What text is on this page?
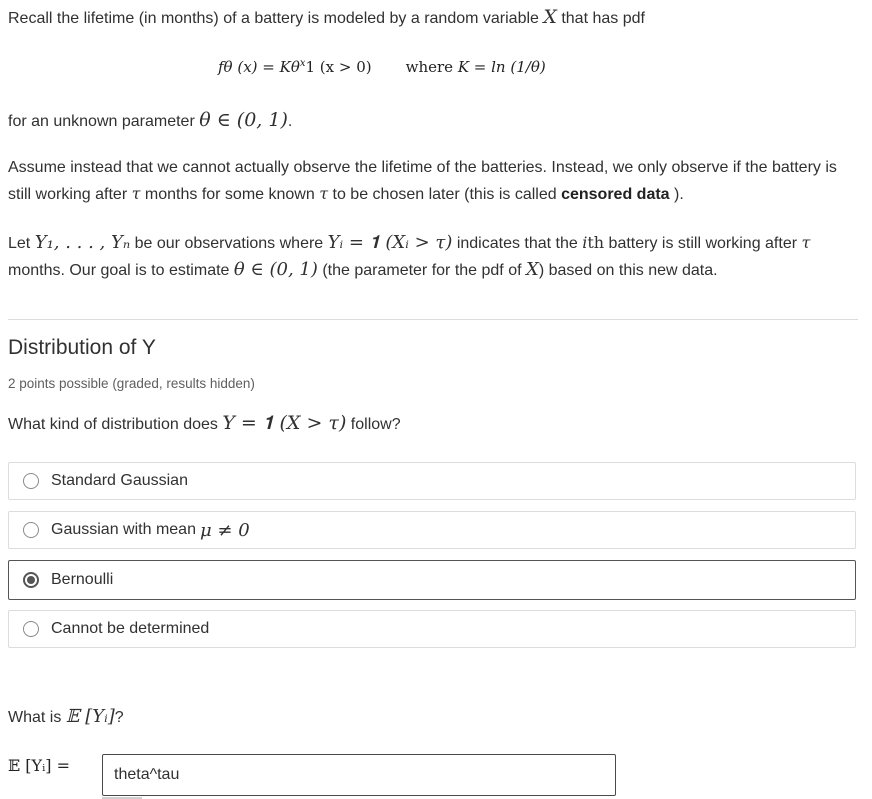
Recall the lifetime (in months) of a battery is modeled by a random variable X that has pdf

fθ $(x) = K\theta^x1$ (x > 0) where K = ln (1/θ)

for an unknown parameter θ ∈ (0, 1).

Assume instead that we cannot actually observe the lifetime of the batteries. Instead, we only observe if the battery is still working after τ months for some known τ to be chosen later (this is called censored data ).

Let Y₁, . . . , Yₙ be our observations where Yᵢ = 𝟏 (Xᵢ > τ) indicates that the ith battery is still working after τ months. Our goal is to estimate θ ∈ (0, 1) (the parameter for the pdf of X) based on this new data.

Distribution of Y
2 points possible (graded, results hidden)
What kind of distribution does Y = 𝟏 (X > τ) follow?
Standard Gaussian
Gaussian with mean μ ≠ 0
Bernoulli
Cannot be determined
What is 𝔼 [Yᵢ]?
𝔼 [Yᵢ] =
theta^tau
